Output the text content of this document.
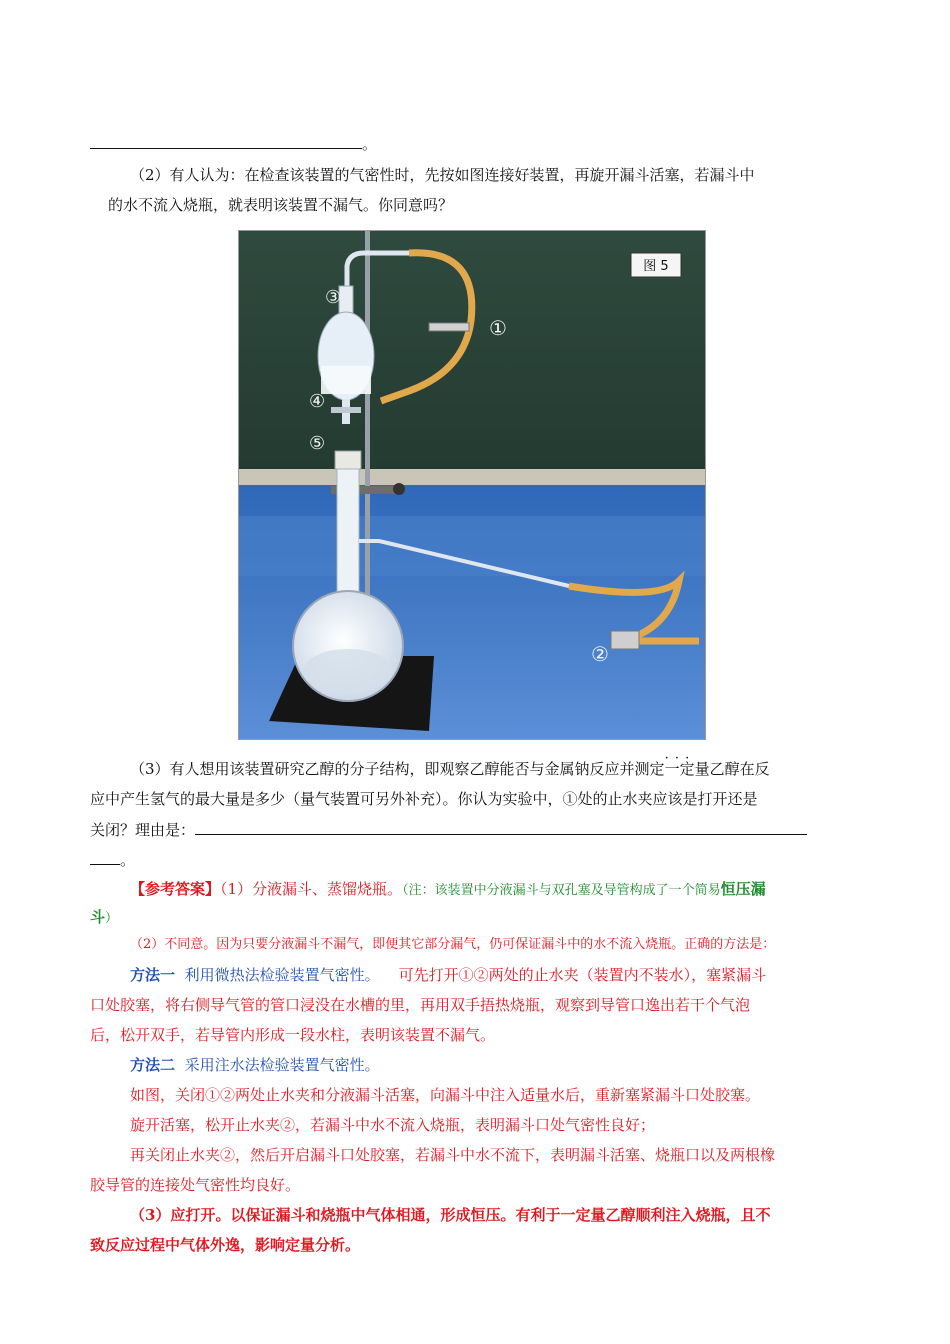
。
（2）有人认为：在检查该装置的气密性时，先按如图连接好装置，再旋开漏斗活塞，若漏斗中
的水不流入烧瓶，就表明该装置不漏气。你同意吗？
图 5
③
①
④
⑤
②
（3）有人想用该装置研究乙醇的分子结构，即观察乙醇能否与金属钠反应并测定· · · 一定量乙醇在反
应中产生氢气的最大量是多少（量气装置可另外补充）。你认为实验中，①处的止水夹应该是打开还是
关闭？理由是：
。
【参考答案】（1）分液漏斗、蒸馏烧瓶。（注：该装置中分液漏斗与双孔塞及导管构成了一个简易恒压漏
斗）
（2）不同意。因为只要分液漏斗不漏气，即便其它部分漏气，仍可保证漏斗中的水不流入烧瓶。正确的方法是：
方法一 利用微热法检验装置气密性。 可先打开①②两处的止水夹（装置内不装水），塞紧漏斗
口处胶塞，将右侧导气管的管口浸没在水槽的里，再用双手捂热烧瓶，观察到导管口逸出若干个气泡
后，松开双手，若导管内形成一段水柱，表明该装置不漏气。
方法二 采用注水法检验装置气密性。
如图，关闭①②两处止水夹和分液漏斗活塞，向漏斗中注入适量水后，重新塞紧漏斗口处胶塞。
旋开活塞，松开止水夹②，若漏斗中水不流入烧瓶，表明漏斗口处气密性良好；
再关闭止水夹②，然后开启漏斗口处胶塞，若漏斗中水不流下，表明漏斗活塞、烧瓶口以及两根橡
胶导管的连接处气密性均良好。
（3）应打开。以保证漏斗和烧瓶中气体相通，形成恒压。有利于一定量乙醇顺利注入烧瓶，且不
致反应过程中气体外逸，影响定量分析。
